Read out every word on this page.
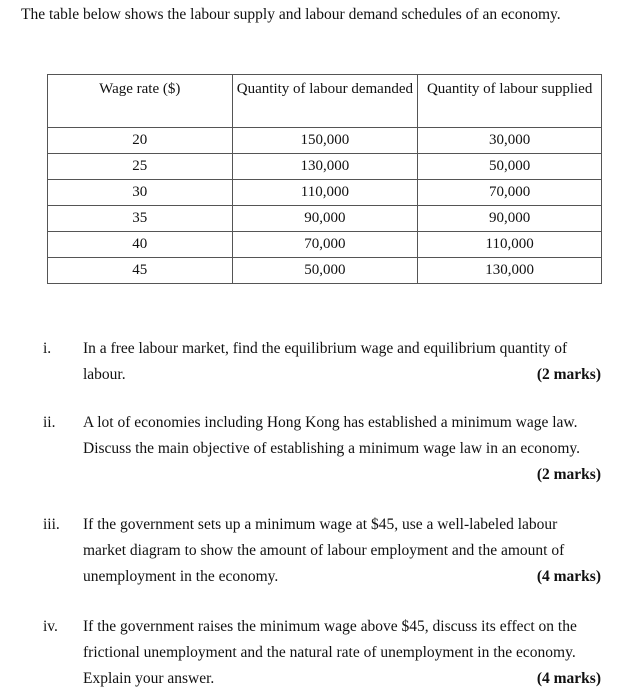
The table below shows the labour supply and labour demand schedules of an economy.
Wage rate ($)	Quantity of labour demanded	Quantity of labour supplied
20	150,000	30,000
25	130,000	50,000
30	110,000	70,000
35	90,000	90,000
40	70,000	110,000
45	50,000	130,000
i.	In a free labour market, find the equilibrium wage and equilibrium quantity of labour.	(2 marks)
ii.	A lot of economies including Hong Kong has established a minimum wage law. Discuss the main objective of establishing a minimum wage law in an economy.
(2 marks)
iii.	If the government sets up a minimum wage at $45, use a well-labeled labour market diagram to show the amount of labour employment and the amount of unemployment in the economy.	(4 marks)
iv.	If the government raises the minimum wage above $45, discuss its effect on the frictional unemployment and the natural rate of unemployment in the economy. Explain your answer.	(4 marks)
